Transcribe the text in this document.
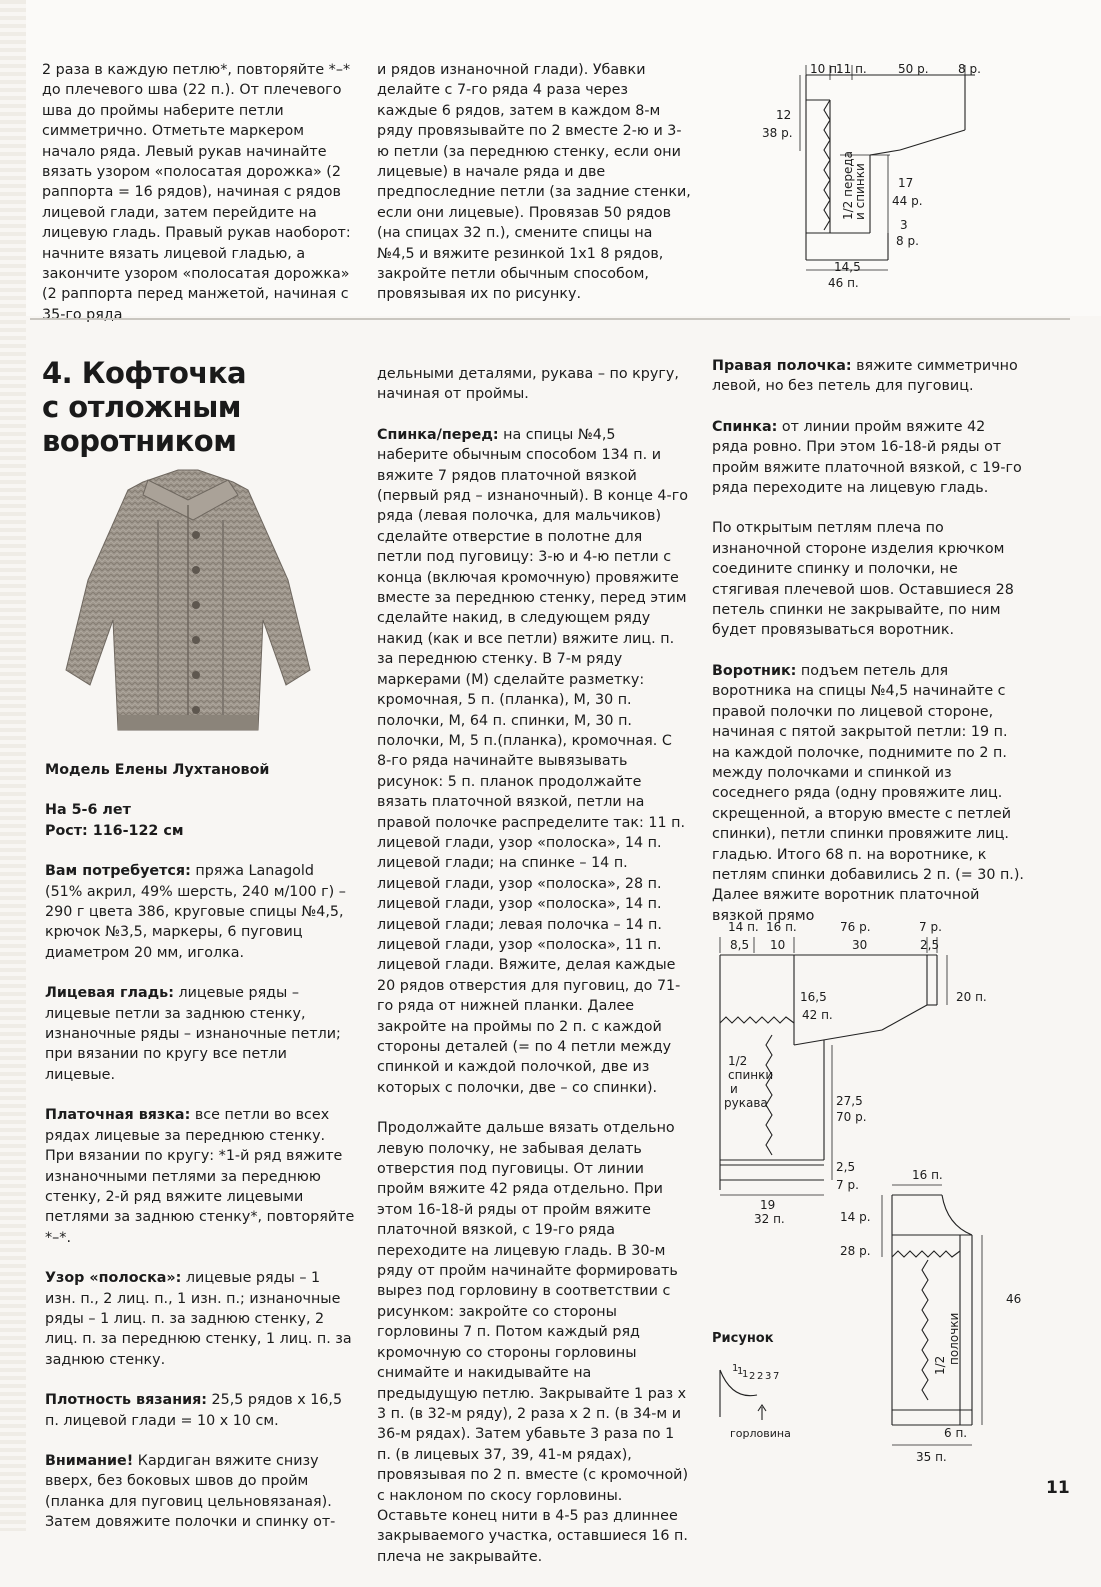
2 раза в каждую петлю*, повторяйте *–* до плечевого шва (22 п.). От плечевого шва до проймы наберите петли симметрично. Отметьте маркером начало ряда. Левый рукав начинайте вязать узором «полосатая дорожка» (2 раппорта = 16 рядов), начиная с рядов лицевой глади, затем перейдите на лицевую гладь. Правый рукав наоборот: начните вязать лицевой гладью, а закончите узором «полосатая дорожка» (2 раппорта перед манжетой, начиная с 35-го ряда

и рядов изнаночной глади). Убавки делайте с 7-го ряда 4 раза через каждые 6 рядов, затем в каждом 8-м ряду провязывайте по 2 вместе 2-ю и 3-ю петли (за переднюю стенку, если они лицевые) в начале ряда и две предпоследние петли (за задние стенки, если они лицевые). Провязав 50 рядов (на спицах 32 п.), смените спицы на №4,5 и вяжите резинкой 1х1 8 рядов, закройте петли обычным способом, провязывая их по рисунку.

10 п.
11 п.	50 р. 8 р.
12
38 р.
1/2 переда
и спинки	17
44 р.
3
8 р.
14,5
46 п.
4. Кофточка
с отложным
воротником

Модель Елены Лухтановой

На 5-6 лет

Рост: 116-122 см

Вам потребуется: пряжа Lanagold (51% акрил, 49% шерсть, 240 м/100 г) – 290 г цвета 386, круговые спицы №4,5, крючок №3,5, маркеры, 6 пуговиц диаметром 20 мм, иголка.

Лицевая гладь: лицевые ряды – лицевые петли за заднюю стенку, изнаночные ряды – изнаночные петли; при вязании по кругу все петли лицевые.

Платочная вязка: все петли во всех рядах лицевые за переднюю стенку. При вязании по кругу: *1-й ряд вяжите изнаночными петлями за переднюю стенку, 2-й ряд вяжите лицевыми петлями за заднюю стенку*, повторяйте *–*.

Узор «полоска»: лицевые ряды – 1 изн. п., 2 лиц. п., 1 изн. п.; изнаночные ряды – 1 лиц. п. за заднюю стенку, 2 лиц. п. за переднюю стенку, 1 лиц. п. за заднюю стенку.

Плотность вязания: 25,5 рядов х 16,5 п. лицевой глади = 10 х 10 см.

Внимание! Кардиган вяжите снизу вверх, без боковых швов до пройм (планка для пуговиц цельновязаная). Затем довяжите полочки и спинку от-

дельными деталями, рукава – по кругу, начиная от проймы.

Спинка/перед: на спицы №4,5 наберите обычным способом 134 п. и вяжите 7 рядов платочной вязкой (первый ряд – изнаночный). В конце 4-го ряда (левая полочка, для мальчиков) сделайте отверстие в полотне для петли под пуговицу: 3-ю и 4-ю петли с конца (включая кромочную) провяжите вместе за переднюю стенку, перед этим сделайте накид, в следующем ряду накид (как и все петли) вяжите лиц. п. за переднюю стенку. В 7-м ряду маркерами (М) сделайте разметку: кромочная, 5 п. (планка), М, 30 п. полочки, М, 64 п. спинки, М, 30 п. полочки, М, 5 п.(планка), кромочная. С 8-го ряда начинайте вывязывать рисунок: 5 п. планок продолжайте вязать платочной вязкой, петли на правой полочке распределите так: 11 п. лицевой глади, узор «полоска», 14 п. лицевой глади; на спинке – 14 п. лицевой глади, узор «полоска», 28 п. лицевой глади, узор «полоска», 14 п. лицевой глади; левая полочка – 14 п. лицевой глади, узор «полоска», 11 п. лицевой глади. Вяжите, делая каждые 20 рядов отверстия для пуговиц, до 71-го ряда от нижней планки. Далее закройте на проймы по 2 п. с каждой стороны деталей (= по 4 петли между спинкой и каждой полочкой, две из которых с полочки, две – со спинки).

Продолжайте дальше вязать отдельно левую полочку, не забывая делать отверстия под пуговицы. От линии пройм вяжите 42 ряда отдельно. При этом 16-18-й ряды от пройм вяжите платочной вязкой, с 19-го ряда переходите на лицевую гладь. В 30-м ряду от пройм начинайте формировать вырез под горловину в соответствии с рисунком: закройте со стороны горловины 7 п. Потом каждый ряд кромочную со стороны горловины снимайте и накидывайте на предыдущую петлю. Закрывайте 1 раз х 3 п. (в 32-м ряду), 2 раза х 2 п. (в 34-м и 36-м рядах). Затем убавьте 3 раза по 1 п. (в лицевых 37, 39, 41-м рядах), провязывая по 2 п. вместе (с кромочной) с наклоном по скосу горловины. Оставьте конец нити в 4-5 раз длиннее закрываемого участка, оставшиеся 16 п. плеча не закрывайте.

Правая полочка: вяжите симметрично левой, но без петель для пуговиц.

Спинка: от линии пройм вяжите 42 ряда ровно. При этом 16-18-й ряды от пройм вяжите платочной вязкой, с 19-го ряда переходите на лицевую гладь.

По открытым петлям плеча по изнаночной стороне изделия крючком соедините спинку и полочки, не стягивая плечевой шов. Оставшиеся 28 петель спинки не закрывайте, по ним будет провязываться воротник.

Воротник: подъем петель для воротника на спицы №4,5 начинайте с правой полочки по лицевой стороне, начиная с пятой закрытой петли: 19 п. на каждой полочке, поднимите по 2 п. между полочками и спинкой из соседнего ряда (одну провяжите лиц. скрещенной, а вторую вместе с петлей спинки), петли спинки провяжите лиц. гладью. Итого 68 п. на воротнике, к петлям спинки добавились 2 п. (= 30 п.). Далее вяжите воротник платочной вязкой прямо

14 п. 16 п.	76 р.	7 р.
8,5 10	30	2,5
20 п.
16,5
42 п.
1/2
спинки
и
рукава	27,5
70 р.
2,5
7 р.
19
32 п.
16 п.
14 р.
28 р.
46
1/2
полочки
6 п.
35 п.
Рисунок
1
1
1 2 2 3 7
горловина
11
